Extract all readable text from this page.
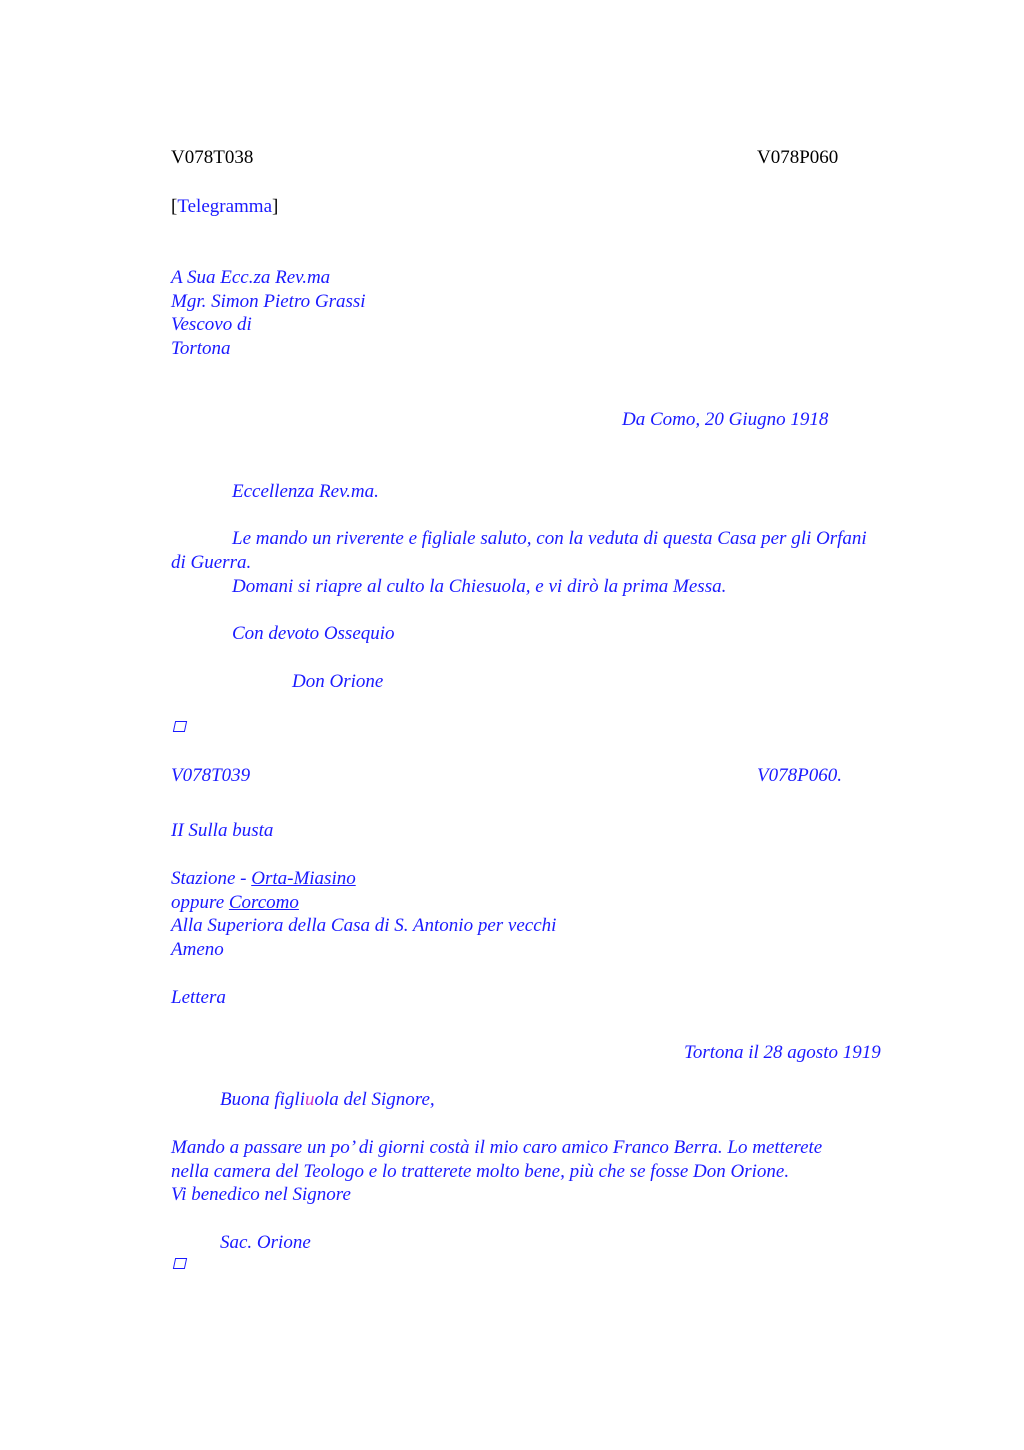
V078T038	V078P060
[Telegramma]
A Sua Ecc.za Rev.ma
Mgr. Simon Pietro Grassi
Vescovo di
Tortona
Da Como, 20 Giugno 1918
Eccellenza Rev.ma.
Le mando un riverente e figliale saluto, con la veduta di questa Casa per gli Orfani
di Guerra.
Domani si riapre al culto la Chiesuola, e vi dirò la prima Messa.
Con devoto Ossequio
Don Orione
V078T039	V078P060.
II Sulla busta
Stazione - Orta-Miasino
oppure Corcomo
Alla Superiora della Casa di S. Antonio per vecchi
Ameno
Lettera
Tortona il 28 agosto 1919
Buona figliuola del Signore,
Mando a passare un po’ di giorni costà il mio caro amico Franco Berra. Lo metterete
nella camera del Teologo e lo tratterete molto bene, più che se fosse Don Orione.
Vi benedico nel Signore
Sac. Orione
